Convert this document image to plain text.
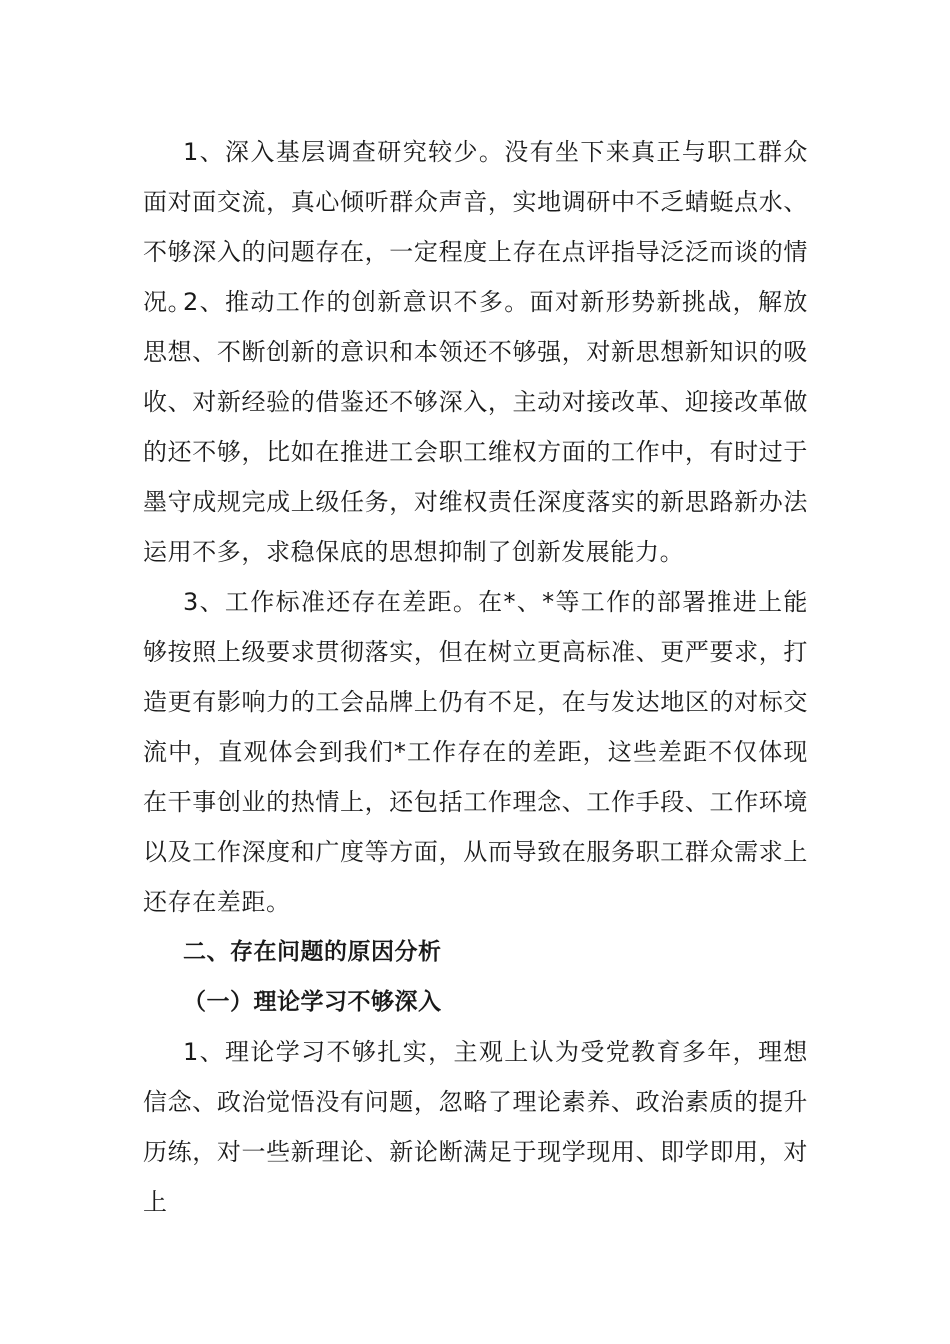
1、深入基层调查研究较少。没有坐下来真正与职工群众面对面交流，真心倾听群众声音，实地调研中不乏蜻蜓点水、不够深入的问题存在，一定程度上存在点评指导泛泛而谈的情况。

2、推动工作的创新意识不多。面对新形势新挑战，解放思想、不断创新的意识和本领还不够强，对新思想新知识的吸收、对新经验的借鉴还不够深入，主动对接改革、迎接改革做的还不够，比如在推进工会职工维权方面的工作中，有时过于墨守成规完成上级任务，对维权责任深度落实的新思路新办法运用不多，求稳保底的思想抑制了创新发展能力。

3、工作标准还存在差距。在*、*等工作的部署推进上能够按照上级要求贯彻落实，但在树立更高标准、更严要求，打造更有影响力的工会品牌上仍有不足，在与发达地区的对标交流中，直观体会到我们*工作存在的差距，这些差距不仅体现在干事创业的热情上，还包括工作理念、工作手段、工作环境以及工作深度和广度等方面，从而导致在服务职工群众需求上还存在差距。

二、存在问题的原因分析
（一）理论学习不够深入

1、理论学习不够扎实，主观上认为受党教育多年，理想信念、政治觉悟没有问题，忽略了理论素养、政治素质的提升历练，对一些新理论、新论断满足于现学现用、即学即用，对上
